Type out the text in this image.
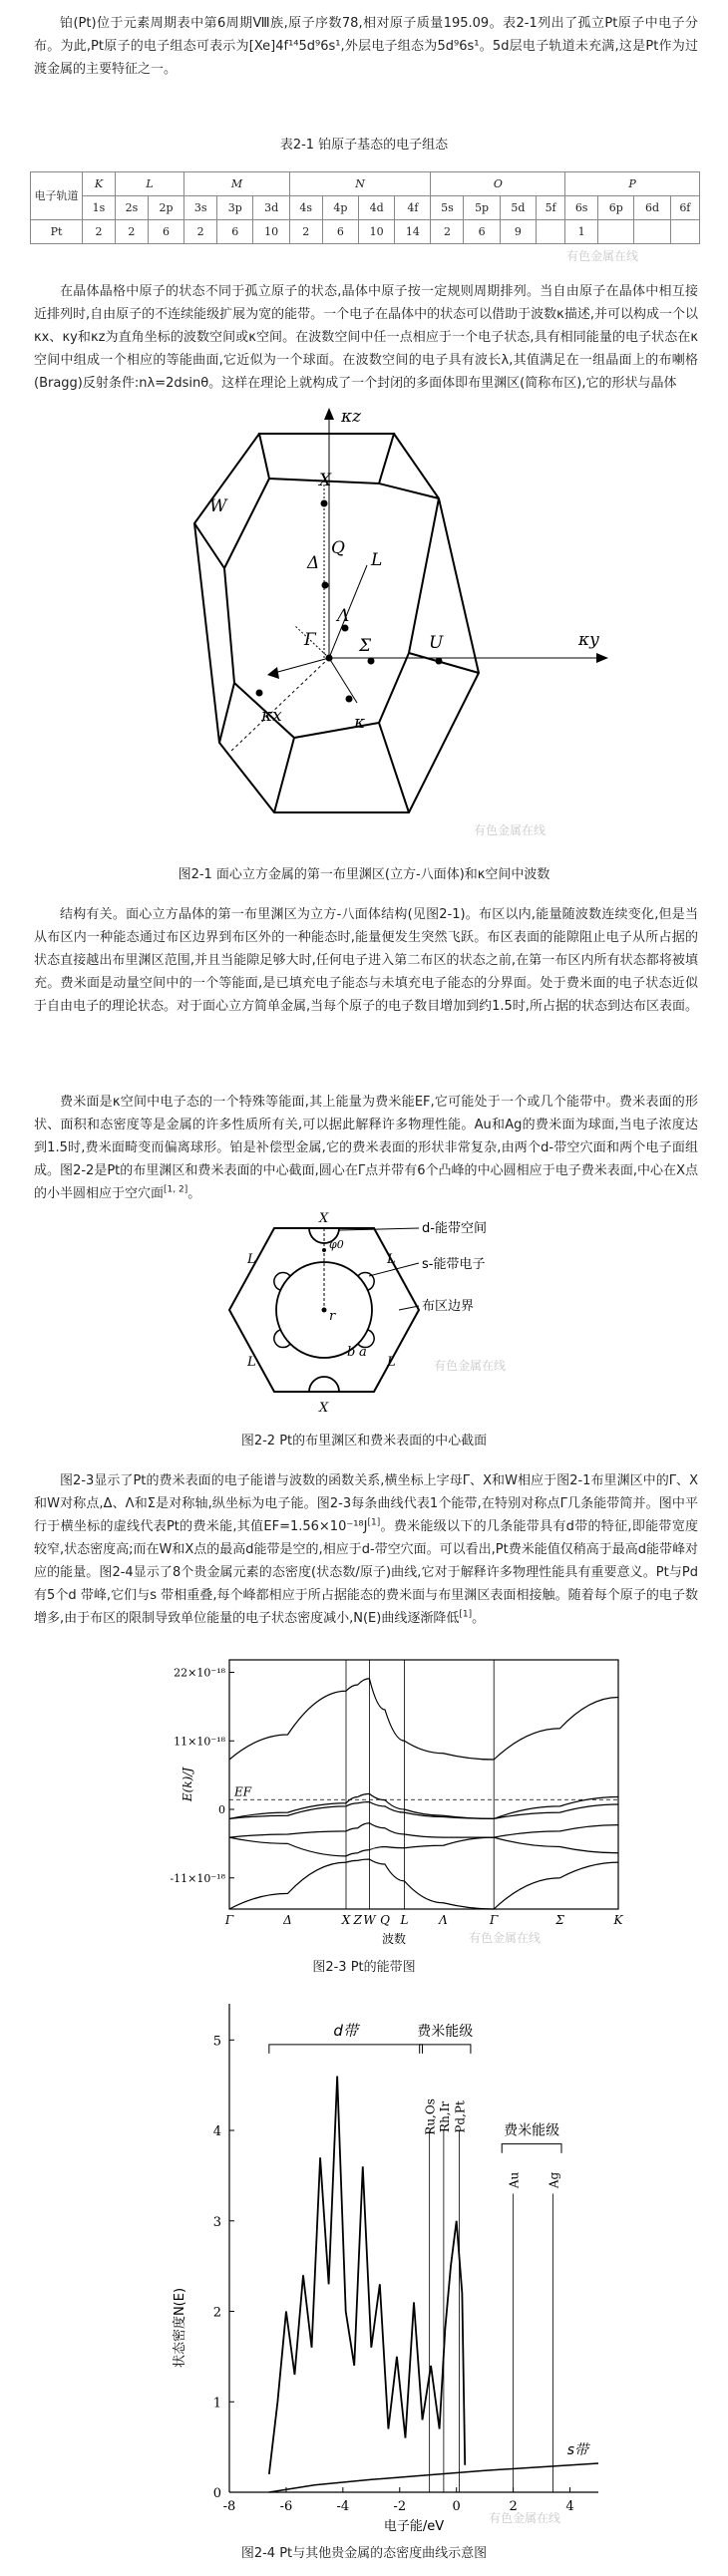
铂(Pt)位于元素周期表中第6周期Ⅷ族,原子序数78,相对原子质量195.09。表2-1列出了孤立Pt原子中电子分布。为此,Pt原子的电子组态可表示为[Xe]4f¹⁴5d⁹6s¹,外层电子组态为5d⁹6s¹。5d层电子轨道未充满,这是Pt作为过渡金属的主要特征之一。
表2-1 铂原子基态的电子组态
电子轨道	K	L		M			N				O				P			
	1s	2s	2p	3s	3p	3d	4s	4p	4d	4f	5s	5p	5d	5f	6s	6p	6d	6f
Pt	2	2	6	2	6	10	2	6	10	14	2	6	9		1			
有色金属在线
在晶体晶格中原子的状态不同于孤立原子的状态,晶体中原子按一定规则周期排列。当自由原子在晶体中相互接近排列时,自由原子的不连续能级扩展为宽的能带。一个电子在晶体中的状态可以借助于波数κ描述,并可以构成一个以κx、κy和κz为直角坐标的波数空间或κ空间。在波数空间中任一点相应于一个电子状态,具有相同能量的电子状态在κ空间中组成一个相应的等能曲面,它近似为一个球面。在波数空间的电子具有波长λ,其值满足在一组晶面上的布喇格(Bragg)反射条件:nλ=2dsinθ。这样在理论上就构成了一个封闭的多面体即布里渊区(简称布区),它的形状与晶体
κz
κy
κx	κ
X
W
Q
L
Δ
Λ
Γ	Σ	U
有色金属在线
图2-1 面心立方金属的第一布里渊区(立方-八面体)和κ空间中波数
结构有关。面心立方晶体的第一布里渊区为立方-八面体结构(见图2-1)。布区以内,能量随波数连续变化,但是当从布区内一种能态通过布区边界到布区外的一种能态时,能量便发生突然飞跃。布区表面的能隙阻止电子从所占据的状态直接越出布里渊区范围,并且当能隙足够大时,任何电子进入第二布区的状态之前,在第一布区内所有状态都将被填充。费米面是动量空间中的一个等能面,是已填充电子能态与未填充电子能态的分界面。处于费米面的电子状态近似于自由电子的理论状态。对于面心立方简单金属,当每个原子的电子数目增加到约1.5时,所占据的状态到达布区表面。
费米面是κ空间中电子态的一个特殊等能面,其上能量为费米能EF,它可能处于一个或几个能带中。费米表面的形状、面积和态密度等是金属的许多性质所有关,可以据此解释许多物理性能。Au和Ag的费米面为球面,当电子浓度达到1.5时,费米面畸变而偏离球形。铂是补偿型金属,它的费米表面的形状非常复杂,由两个d-带空穴面和两个电子面组成。图2-2是Pt的布里渊区和费米表面的中心截面,圆心在Γ点并带有6个凸峰的中心圆相应于电子费米表面,中心在X点的小半圆相应于空穴面[1, 2]。
X
X
L	L
L	L
r
a
b
φ0
d-能带空间
s-能带电子
布区边界
有色金属在线
图2-2 Pt的布里渊区和费米表面的中心截面
图2-3显示了Pt的费米表面的电子能谱与波数的函数关系,横坐标上字母Γ、X和W相应于图2-1布里渊区中的Γ、X和W对称点,Δ、Λ和Σ是对称轴,纵坐标为电子能。图2-3每条曲线代表1个能带,在特别对称点Γ几条能带简并。图中平行于横坐标的虚线代表Pt的费米能,其值EF=1.56×10⁻¹⁸J[1]。费米能级以下的几条能带具有d带的特征,即能带宽度较窄,状态密度高;而在W和X点的最高d能带是空的,相应于d-带空穴面。可以看出,Pt费米能值仅稍高于最高d能带峰对应的能量。图2-4显示了8个贵金属元素的态密度(状态数/原子)曲线,它对于解释许多物理性能具有重要意义。Pt与Pd有5个d 带峰,它们与s 带相重叠,每个峰都相应于所占据能态的费米面与布里渊区表面相接触。随着每个原子的电子数增多,由于布区的限制导致单位能量的电子状态密度减小,N(E)曲线逐渐降低[1]。
EF
22×10⁻¹⁸
11×10⁻¹⁸
0
-11×10⁻¹⁸
Γ	Δ	X Z W Q L	Λ	Γ	Σ	K
波数
E(k)/J
有色金属在线
图2-3 Pt的能带图
0
1
2
3
4
5
-8	-6	-4	-2	0	2	4
电子能/eV
状态密度N(E)
d带	费米能级
费米能级
Ru,Os Rh,Ir Pd,Pt
Au Ag
s带
有色金属在线
图2-4 Pt与其他贵金属的态密度曲线示意图
